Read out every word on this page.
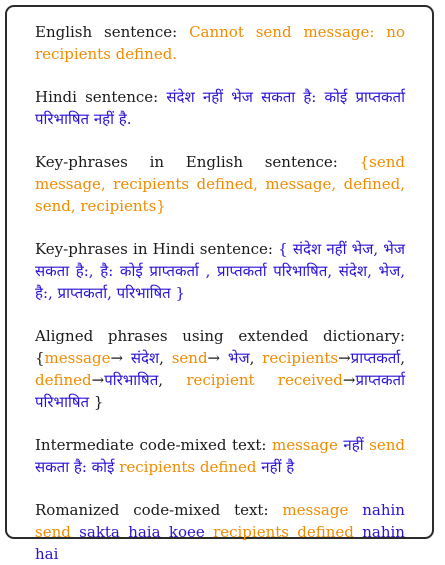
English sentence: Cannot send message: no recipients defined.

Hindi sentence: संदेश नहीं भेज सकता है: कोई प्राप्तकर्ता परिभाषित नहीं है.

Key-phrases in English sentence: {send message, recipients defined, message, defined, send, recipients}

Key-phrases in Hindi sentence: { संदेश नहीं भेज, भेज सकता है:, है: कोई प्राप्तकर्ता , प्राप्तकर्ता परिभाषित, संदेश, भेज, है:, प्राप्तकर्ता, परिभाषित }

Aligned phrases using extended dictionary: {message→ संदेश, send→ भेज, recipients→प्राप्तकर्ता, defined→परिभाषित, recipient received→प्राप्तकर्ता परिभाषित }

Intermediate code-mixed text: message नहीं send सकता है: कोई recipients defined नहीं है

Romanized code-mixed text: message nahin send sakta haia koee recipients defined nahin hai
